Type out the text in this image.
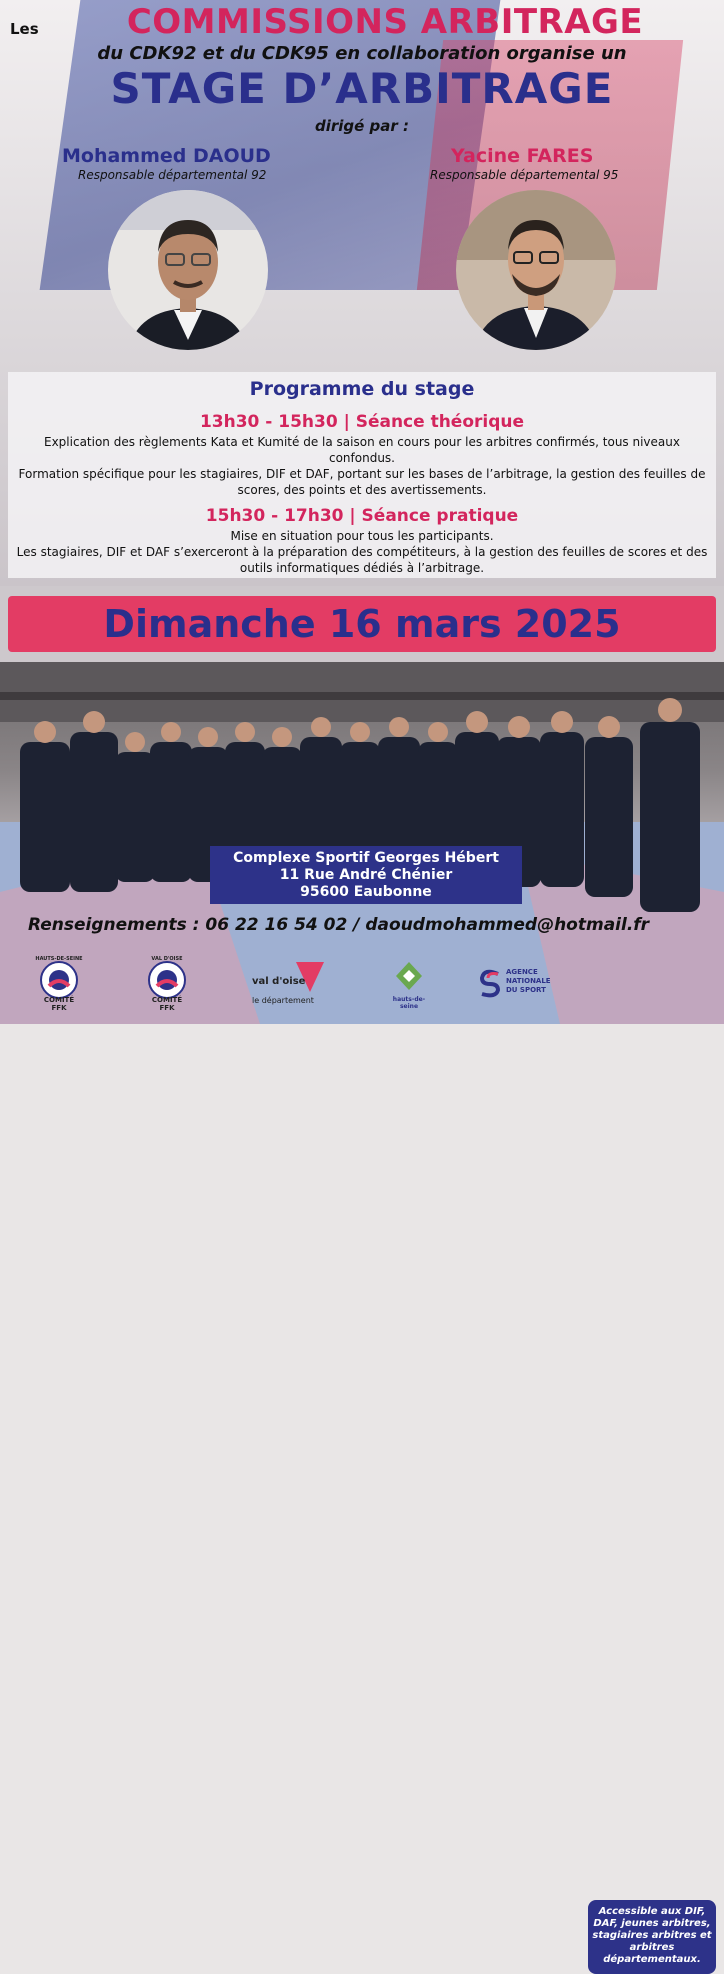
Les	COMMISSIONS ARBITRAGE
du CDK92 et du CDK95 en collaboration organise un
STAGE D’ARBITRAGE
dirigé par :
Mohammed DAOUD
Responsable départemental 92
Yacine FARES
Responsable départemental 95
Programme du stage
13h30 - 15h30 | Séance théorique
Explication des règlements Kata et Kumité de la saison en cours pour les arbitres confirmés, tous niveaux confondus.
Formation spécifique pour les stagiaires, DIF et DAF, portant sur les bases de l’arbitrage, la gestion des feuilles de scores, des points et des avertissements.
15h30 - 17h30 | Séance pratique
Mise en situation pour tous les participants.
Les stagiaires, DIF et DAF s’exerceront à la préparation des compétiteurs, à la gestion des feuilles de scores et des outils informatiques dédiés à l’arbitrage.
Dimanche 16 mars 2025
Complexe Sportif Georges Hébert
11 Rue André Chénier
95600 Eaubonne
Renseignements : 06 22 16 54 02 / daoudmohammed@hotmail.fr
HAUTS-DE-SEINE
COMITÉ
FFK
VAL D'OISE
COMITÉ
FFK
val d'oise
le département	hauts-de-seine
AGENCE
NATIONALE
DU SPORT
Accessible aux DIF, DAF, jeunes arbitres, stagiaires arbitres et arbitres départementaux.
